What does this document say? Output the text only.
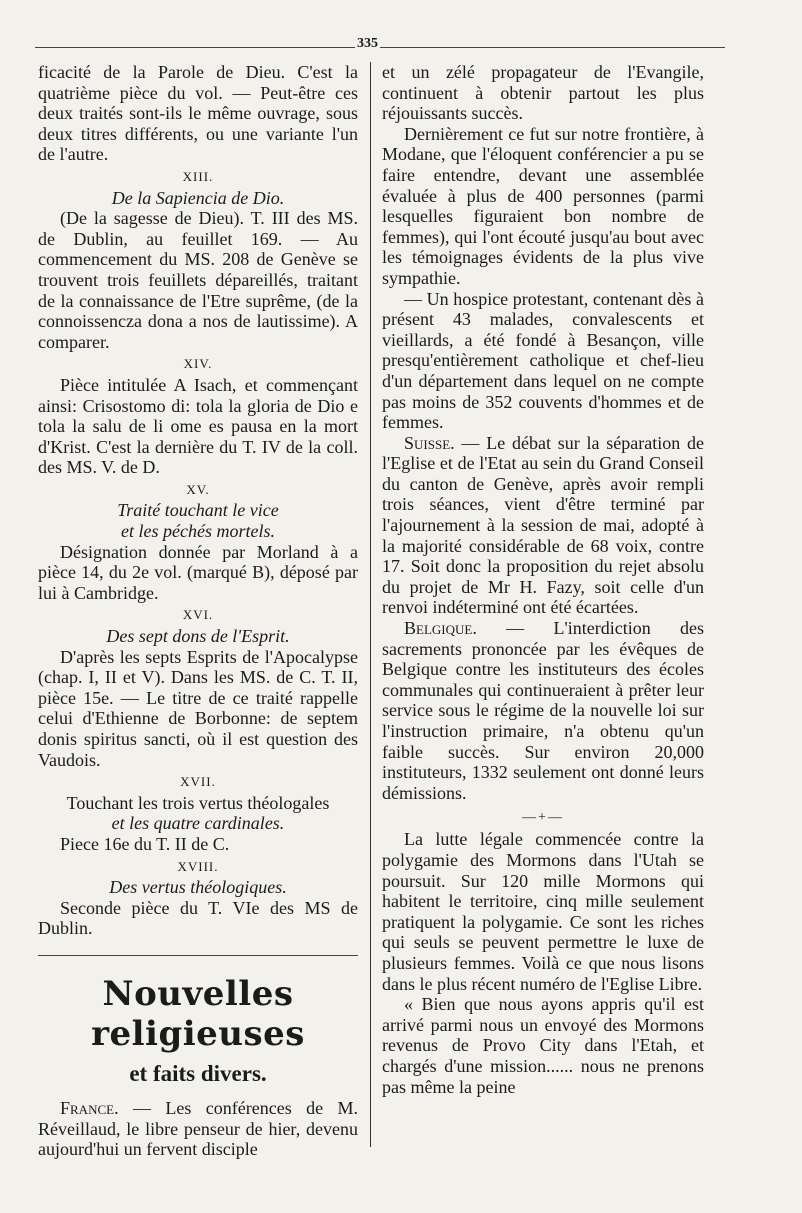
335

ficacité de la Parole de Dieu. C'est la quatrième pièce du vol. — Peut-être ces deux traités sont-ils le même ouvrage, sous deux titres différents, ou une variante l'un de l'autre.

XIII.

De la Sapiencia de Dio.

(De la sagesse de Dieu). T. III des MS. de Dublin, au feuillet 169. — Au commencement du MS. 208 de Genève se trouvent trois feuillets dépareillés, traitant de la connaissance de l'Etre suprême, (de la connoissencza dona a nos de lautissime). A comparer.

XIV.

Pièce intitulée A Isach, et commençant ainsi: Crisostomo di: tola la gloria de Dio e tola la salu de li ome es pausa en la mort d'Krist. C'est la dernière du T. IV de la coll. des MS. V. de D.

XV.

Traité touchant le vice

et les péchés mortels.

Désignation donnée par Morland à a pièce 14, du 2e vol. (marqué B), déposé par lui à Cambridge.

XVI.

Des sept dons de l'Esprit.

D'après les septs Esprits de l'Apocalypse (chap. I, II et V). Dans les MS. de C. T. II, pièce 15e. — Le titre de ce traité rappelle celui d'Ethienne de Borbonne: de septem donis spiritus sancti, où il est question des Vaudois.

XVII.

Touchant les trois vertus théologales

et les quatre cardinales.

Piece 16e du T. II de C.

XVIII.

Des vertus théologiques.

Seconde pièce du T. VIe des MS de Dublin.

Nouvelles religieuses
et faits divers.

France. — Les conférences de M. Réveillaud, le libre penseur de hier, devenu aujourd'hui un fervent disciple

et un zélé propagateur de l'Evangile, continuent à obtenir partout les plus réjouissants succès.

Dernièrement ce fut sur notre frontière, à Modane, que l'éloquent conférencier a pu se faire entendre, devant une assemblée évaluée à plus de 400 personnes (parmi lesquelles figuraient bon nombre de femmes), qui l'ont écouté jusqu'au bout avec les témoignages évidents de la plus vive sympathie.

— Un hospice protestant, contenant dès à présent 43 malades, convalescents et vieillards, a été fondé à Besançon, ville presqu'entièrement catholique et chef-lieu d'un département dans lequel on ne compte pas moins de 352 couvents d'hommes et de femmes.

Suisse. — Le débat sur la séparation de l'Eglise et de l'Etat au sein du Grand Conseil du canton de Genève, après avoir rempli trois séances, vient d'être terminé par l'ajournement à la session de mai, adopté à la majorité considérable de 68 voix, contre 17. Soit donc la proposition du rejet absolu du projet de Mr H. Fazy, soit celle d'un renvoi indéterminé ont été écartées.

Belgique. — L'interdiction des sacrements prononcée par les évêques de Belgique contre les instituteurs des écoles communales qui continueraient à prêter leur service sous le régime de la nouvelle loi sur l'instruction primaire, n'a obtenu qu'un faible succès. Sur environ 20,000 instituteurs, 1332 seulement ont donné leurs démissions.

—+—

La lutte légale commencée contre la polygamie des Mormons dans l'Utah se poursuit. Sur 120 mille Mormons qui habitent le territoire, cinq mille seulement pratiquent la polygamie. Ce sont les riches qui seuls se peuvent permettre le luxe de plusieurs femmes. Voilà ce que nous lisons dans le plus récent numéro de l'Eglise Libre.

« Bien que nous ayons appris qu'il est arrivé parmi nous un envoyé des Mormons revenus de Provo City dans l'Etah, et chargés d'une mission...... nous ne prenons pas même la peine
